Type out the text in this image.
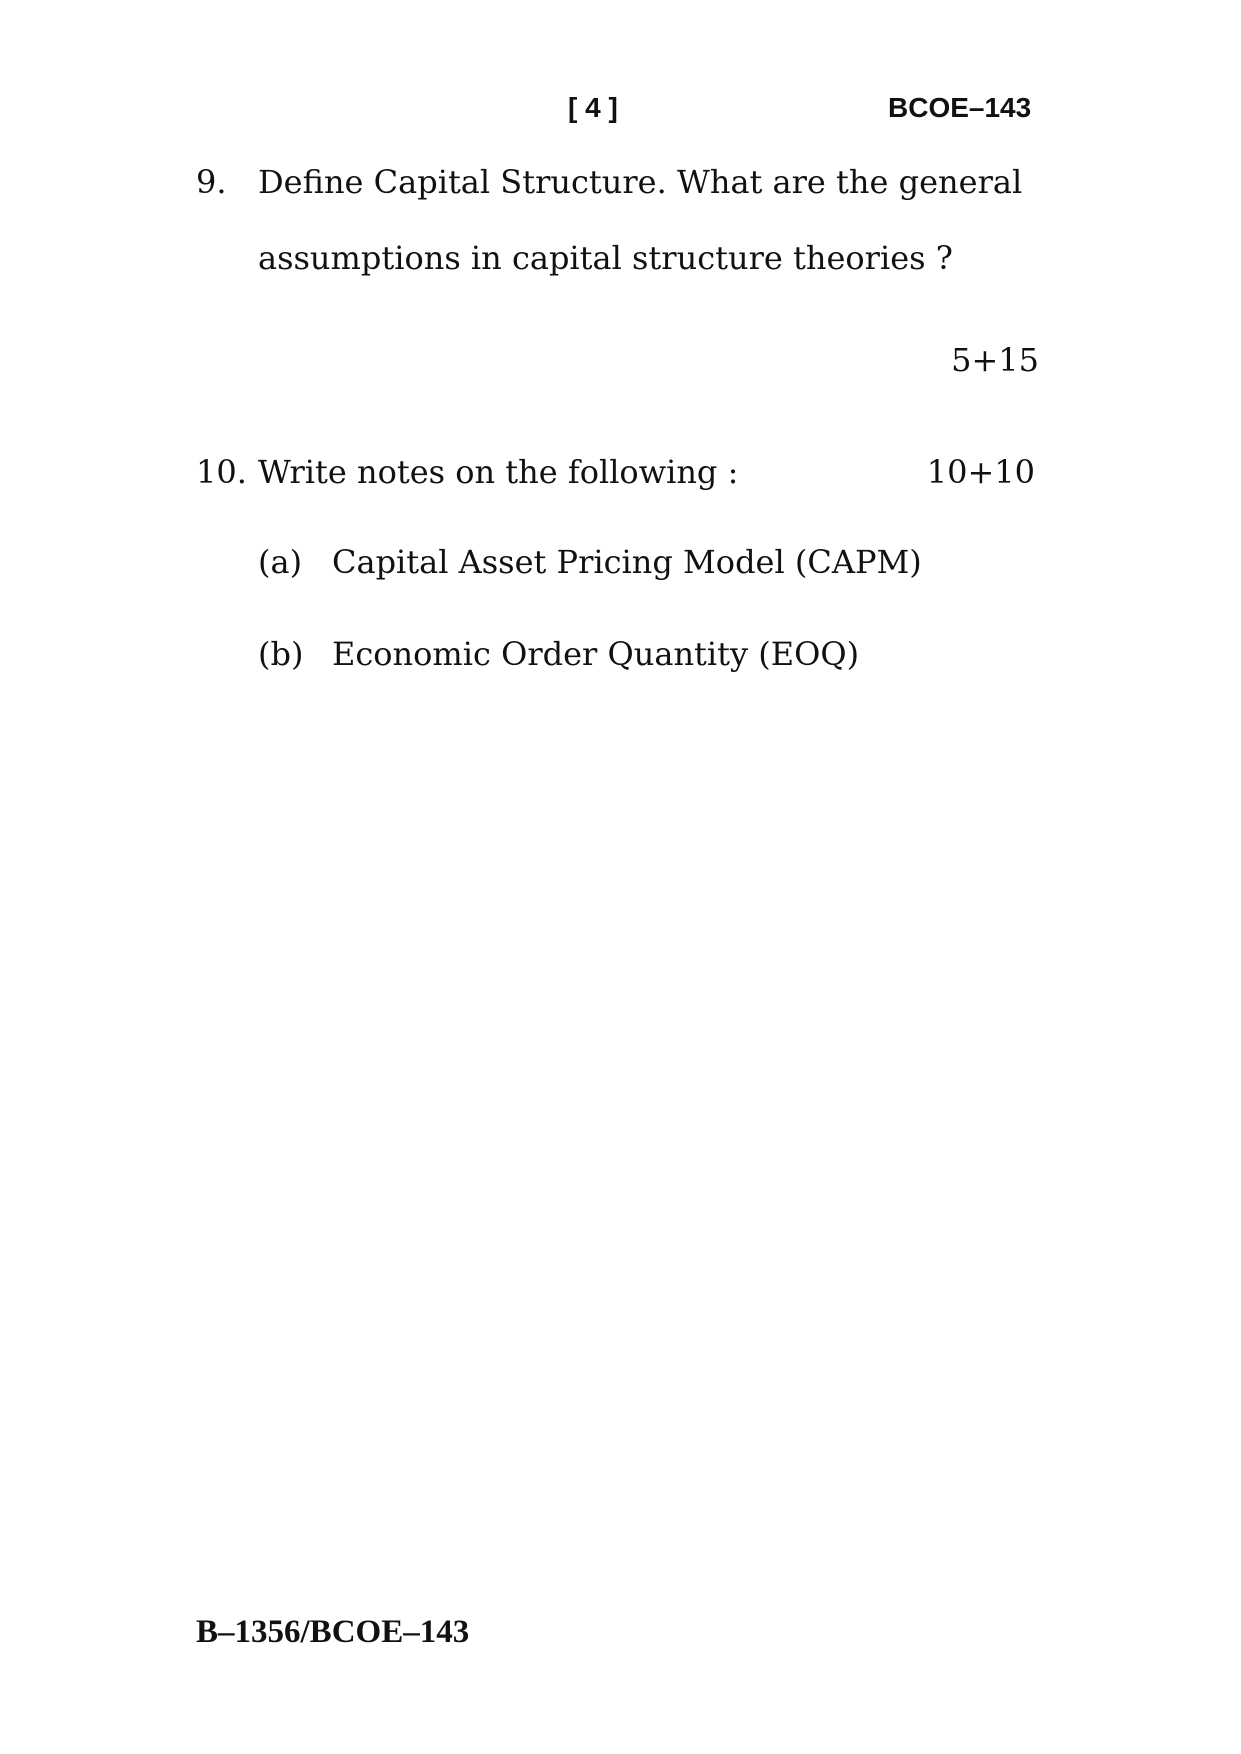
[ 4 ]	BCOE–143
9. Define Capital Structure. What are the general
assumptions in capital structure theories ?
5+15
10. Write notes on the following :	10+10
(a) Capital Asset Pricing Model (CAPM)
(b) Economic Order Quantity (EOQ)
B–1356/BCOE–143
